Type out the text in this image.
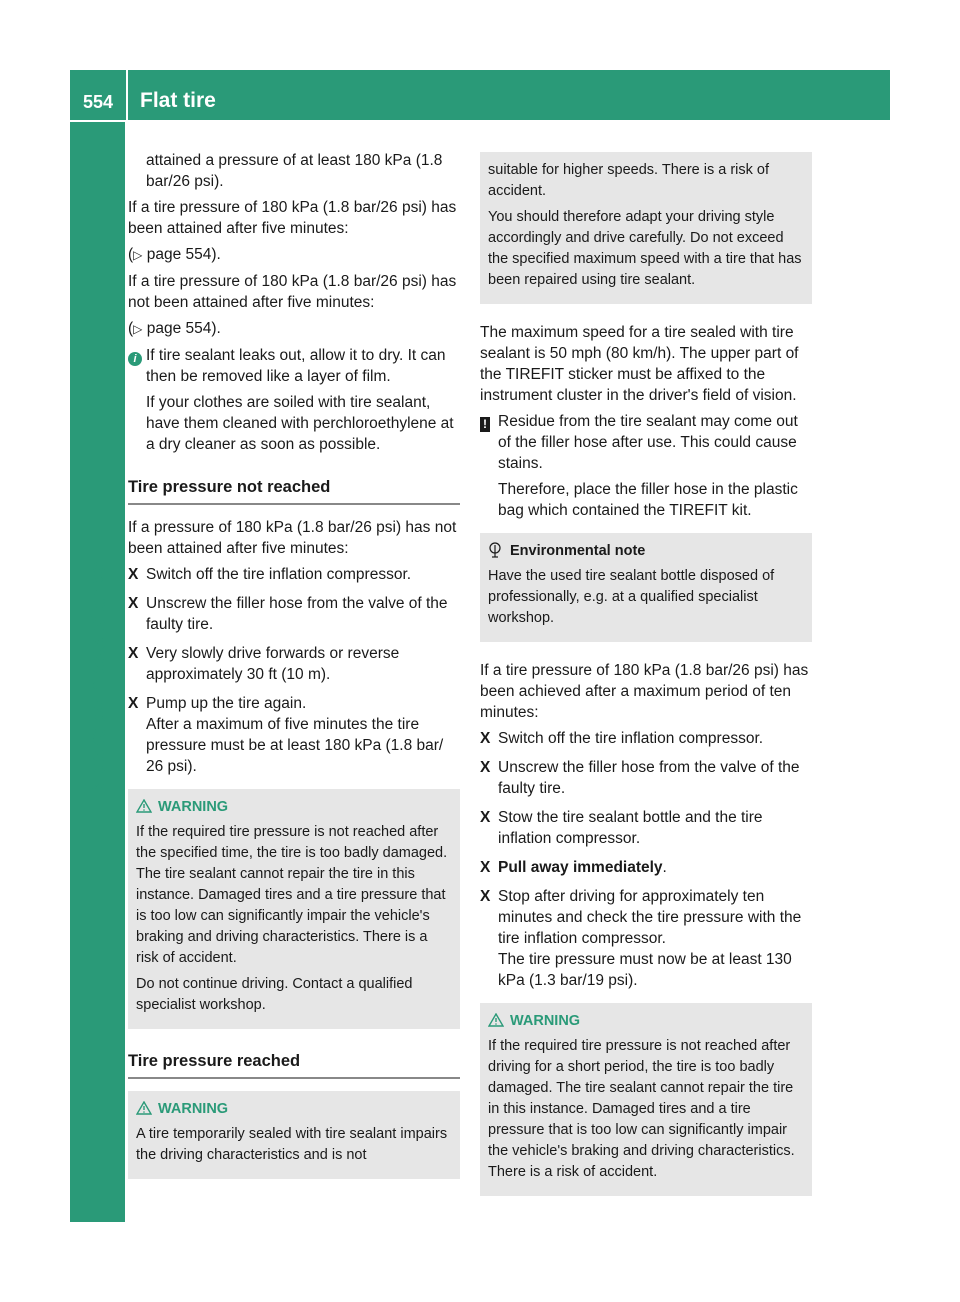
554	Flat tire
Breakdown assistance

attained a pressure of at least 180 kPa (1.8 bar/26 psi).

If a tire pressure of 180 kPa (1.8 bar/26 psi) has been attained after five minutes:

(▷ page 554).

If a tire pressure of 180 kPa (1.8 bar/26 psi) has not been attained after five minutes:

(▷ page 554).

i If tire sealant leaks out, allow it to dry. It can then be removed like a layer of film.

If your clothes are soiled with tire sealant, have them cleaned with perchloroethylene at a dry cleaner as soon as possible.

Tire pressure not reached

If a pressure of 180 kPa (1.8 bar/26 psi) has not been attained after five minutes:

X Switch off the tire inflation compressor.
X Unscrew the filler hose from the valve of the faulty tire.
X Very slowly drive forwards or reverse approximately 30 ft (10 m).
X Pump up the tire again.
After a maximum of five minutes the tire pressure must be at least 180 kPa (1.8 bar/ 26 psi).
WARNING

If the required tire pressure is not reached after the specified time, the tire is too badly damaged. The tire sealant cannot repair the tire in this instance. Damaged tires and a tire pressure that is too low can significantly impair the vehicle's braking and driving characteristics. There is a risk of accident.

Do not continue driving. Contact a qualified specialist workshop.

Tire pressure reached
WARNING

A tire temporarily sealed with tire sealant impairs the driving characteristics and is not

suitable for higher speeds. There is a risk of accident.

You should therefore adapt your driving style accordingly and drive carefully. Do not exceed the specified maximum speed with a tire that has been repaired using tire sealant.

The maximum speed for a tire sealed with tire sealant is 50 mph (80 km/h). The upper part of the TIREFIT sticker must be affixed to the instrument cluster in the driver's field of vision.

! Residue from the tire sealant may come out of the filler hose after use. This could cause stains.

Therefore, place the filler hose in the plastic bag which contained the TIREFIT kit.

Environmental note

Have the used tire sealant bottle disposed of professionally, e.g. at a qualified specialist workshop.

If a tire pressure of 180 kPa (1.8 bar/26 psi) has been achieved after a maximum period of ten minutes:

X Switch off the tire inflation compressor.
X Unscrew the filler hose from the valve of the faulty tire.
X Stow the tire sealant bottle and the tire inflation compressor.
X Pull away immediately.
X Stop after driving for approximately ten minutes and check the tire pressure with the tire inflation compressor.
The tire pressure must now be at least 130 kPa (1.3 bar/19 psi).
WARNING

If the required tire pressure is not reached after driving for a short period, the tire is too badly damaged. The tire sealant cannot repair the tire in this instance. Damaged tires and a tire pressure that is too low can significantly impair the vehicle's braking and driving characteristics. There is a risk of accident.
